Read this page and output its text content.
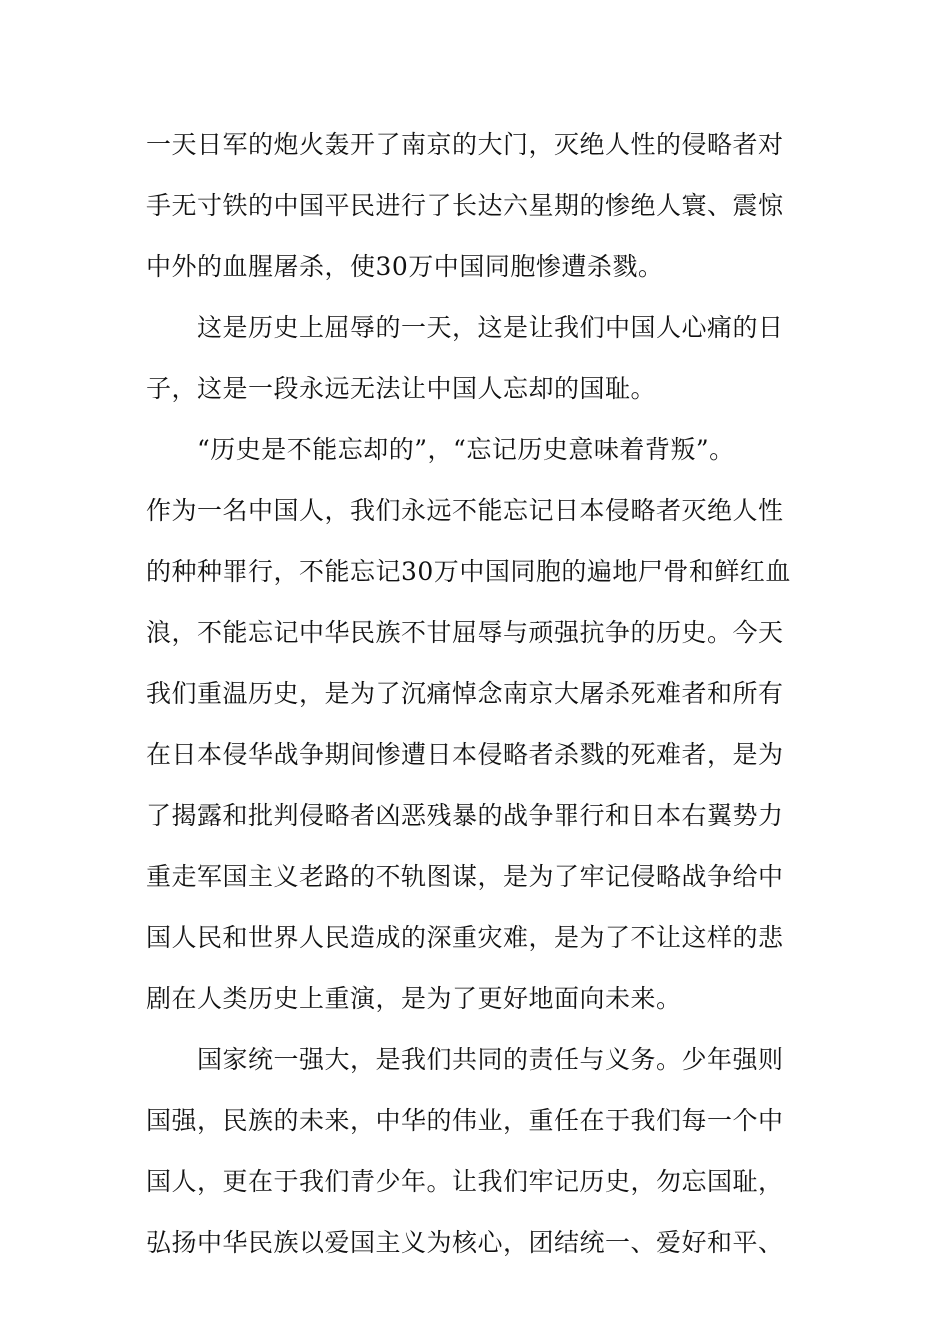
一天日军的炮火轰开了南京的大门，灭绝人性的侵略者对
手无寸铁的中国平民进行了长达六星期的惨绝人寰、震惊
中外的血腥屠杀，使30万中国同胞惨遭杀戮。
这是历史上屈辱的一天，这是让我们中国人心痛的日
子，这是一段永远无法让中国人忘却的国耻。
“历史是不能忘却的”，“忘记历史意味着背叛”。
作为一名中国人，我们永远不能忘记日本侵略者灭绝人性
的种种罪行，不能忘记30万中国同胞的遍地尸骨和鲜红血
浪，不能忘记中华民族不甘屈辱与顽强抗争的历史。今天
我们重温历史，是为了沉痛悼念南京大屠杀死难者和所有
在日本侵华战争期间惨遭日本侵略者杀戮的死难者，是为
了揭露和批判侵略者凶恶残暴的战争罪行和日本右翼势力
重走军国主义老路的不轨图谋，是为了牢记侵略战争给中
国人民和世界人民造成的深重灾难，是为了不让这样的悲
剧在人类历史上重演，是为了更好地面向未来。
国家统一强大，是我们共同的责任与义务。少年强则
国强，民族的未来，中华的伟业，重任在于我们每一个中
国人，更在于我们青少年。让我们牢记历史，勿忘国耻，
弘扬中华民族以爱国主义为核心，团结统一、爱好和平、
